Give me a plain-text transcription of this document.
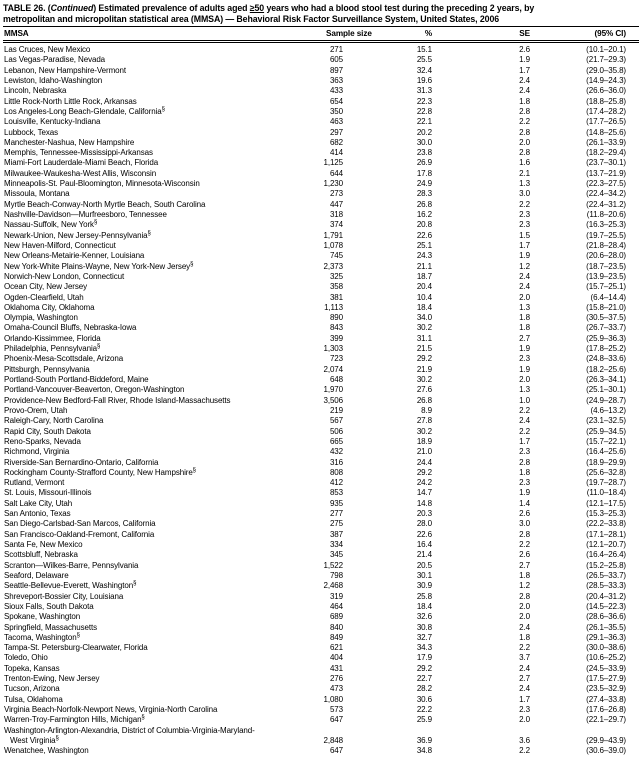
TABLE 26. (Continued) Estimated prevalence of adults aged ≥50 years who had a blood stool test during the preceding 2 years, by
metropolitan and micropolitan statistical area (MMSA) — Behavioral Risk Factor Surveillance System, United States, 2006
MMSA	Sample size	%	SE	(95% CI)

Las Cruces, New Mexico	271	15.1	2.6	(10.1–20.1)

Las Vegas-Paradise, Nevada	605	25.5	1.9	(21.7–29.3)

Lebanon, New Hampshire-Vermont	897	32.4	1.7	(29.0–35.8)

Lewiston, Idaho-Washington	363	19.6	2.4	(14.9–24.3)

Lincoln, Nebraska	433	31.3	2.4	(26.6–36.0)

Little Rock-North Little Rock, Arkansas	654	22.3	1.8	(18.8–25.8)

Los Angeles-Long Beach-Glendale, California§	350	22.8	2.8	(17.4–28.2)

Louisville, Kentucky-Indiana	463	22.1	2.2	(17.7–26.5)

Lubbock, Texas	297	20.2	2.8	(14.8–25.6)

Manchester-Nashua, New Hampshire	682	30.0	2.0	(26.1–33.9)

Memphis, Tennessee-Mississippi-Arkansas	414	23.8	2.8	(18.2–29.4)

Miami-Fort Lauderdale-Miami Beach, Florida	1,125	26.9	1.6	(23.7–30.1)

Milwaukee-Waukesha-West Allis, Wisconsin	644	17.8	2.1	(13.7–21.9)

Minneapolis-St. Paul-Bloomington, Minnesota-Wisconsin	1,230	24.9	1.3	(22.3–27.5)

Missoula, Montana	273	28.3	3.0	(22.4–34.2)

Myrtle Beach-Conway-North Myrtle Beach, South Carolina	447	26.8	2.2	(22.4–31.2)

Nashville-Davidson—Murfreesboro, Tennessee	318	16.2	2.3	(11.8–20.6)

Nassau-Suffolk, New York§	374	20.8	2.3	(16.3–25.3)

Newark-Union, New Jersey-Pennsylvania§	1,791	22.6	1.5	(19.7–25.5)

New Haven-Milford, Connecticut	1,078	25.1	1.7	(21.8–28.4)

New Orleans-Metairie-Kenner, Louisiana	745	24.3	1.9	(20.6–28.0)

New York-White Plains-Wayne, New York-New Jersey§	2,373	21.1	1.2	(18.7–23.5)

Norwich-New London, Connecticut	325	18.7	2.4	(13.9–23.5)

Ocean City, New Jersey	358	20.4	2.4	(15.7–25.1)

Ogden-Clearfield, Utah	381	10.4	2.0	(6.4–14.4)

Oklahoma City, Oklahoma	1,113	18.4	1.3	(15.8–21.0)

Olympia, Washington	890	34.0	1.8	(30.5–37.5)

Omaha-Council Bluffs, Nebraska-Iowa	843	30.2	1.8	(26.7–33.7)

Orlando-Kissimmee, Florida	399	31.1	2.7	(25.9–36.3)

Philadelphia, Pennsylvania§	1,303	21.5	1.9	(17.8–25.2)

Phoenix-Mesa-Scottsdale, Arizona	723	29.2	2.3	(24.8–33.6)

Pittsburgh, Pennsylvania	2,074	21.9	1.9	(18.2–25.6)

Portland-South Portland-Biddeford, Maine	648	30.2	2.0	(26.3–34.1)

Portland-Vancouver-Beaverton, Oregon-Washington	1,970	27.6	1.3	(25.1–30.1)

Providence-New Bedford-Fall River, Rhode Island-Massachusetts	3,506	26.8	1.0	(24.9–28.7)

Provo-Orem, Utah	219	8.9	2.2	(4.6–13.2)

Raleigh-Cary, North Carolina	567	27.8	2.4	(23.1–32.5)

Rapid City, South Dakota	506	30.2	2.2	(25.9–34.5)

Reno-Sparks, Nevada	665	18.9	1.7	(15.7–22.1)

Richmond, Virginia	432	21.0	2.3	(16.4–25.6)

Riverside-San Bernardino-Ontario, California	316	24.4	2.8	(18.9–29.9)

Rockingham County-Strafford County, New Hampshire§	808	29.2	1.8	(25.6–32.8)

Rutland, Vermont	412	24.2	2.3	(19.7–28.7)

St. Louis, Missouri-Illinois	853	14.7	1.9	(11.0–18.4)

Salt Lake City, Utah	935	14.8	1.4	(12.1–17.5)

San Antonio, Texas	277	20.3	2.6	(15.3–25.3)

San Diego-Carlsbad-San Marcos, California	275	28.0	3.0	(22.2–33.8)

San Francisco-Oakland-Fremont, California	387	22.6	2.8	(17.1–28.1)

Santa Fe, New Mexico	334	16.4	2.2	(12.1–20.7)

Scottsbluff, Nebraska	345	21.4	2.6	(16.4–26.4)

Scranton—Wilkes-Barre, Pennsylvania	1,522	20.5	2.7	(15.2–25.8)

Seaford, Delaware	798	30.1	1.8	(26.5–33.7)

Seattle-Bellevue-Everett, Washington§	2,468	30.9	1.2	(28.5–33.3)

Shreveport-Bossier City, Louisiana	319	25.8	2.8	(20.4–31.2)

Sioux Falls, South Dakota	464	18.4	2.0	(14.5–22.3)

Spokane, Washington	689	32.6	2.0	(28.6–36.6)

Springfield, Massachusetts	840	30.8	2.4	(26.1–35.5)

Tacoma, Washington§	849	32.7	1.8	(29.1–36.3)

Tampa-St. Petersburg-Clearwater, Florida	621	34.3	2.2	(30.0–38.6)

Toledo, Ohio	404	17.9	3.7	(10.6–25.2)

Topeka, Kansas	431	29.2	2.4	(24.5–33.9)

Trenton-Ewing, New Jersey	276	22.7	2.7	(17.5–27.9)

Tucson, Arizona	473	28.2	2.4	(23.5–32.9)

Tulsa, Oklahoma	1,080	30.6	1.7	(27.4–33.8)

Virginia Beach-Norfolk-Newport News, Virginia-North Carolina	573	22.2	2.3	(17.6–26.8)

Warren-Troy-Farmington Hills, Michigan§	647	25.9	2.0	(22.1–29.7)

Washington-Arlington-Alexandria, District of Columbia-Virginia-Maryland-
West Virginia§	2,848	36.9	3.6	(29.9–43.9)

Wenatchee, Washington	647	34.8	2.2	(30.6–39.0)
